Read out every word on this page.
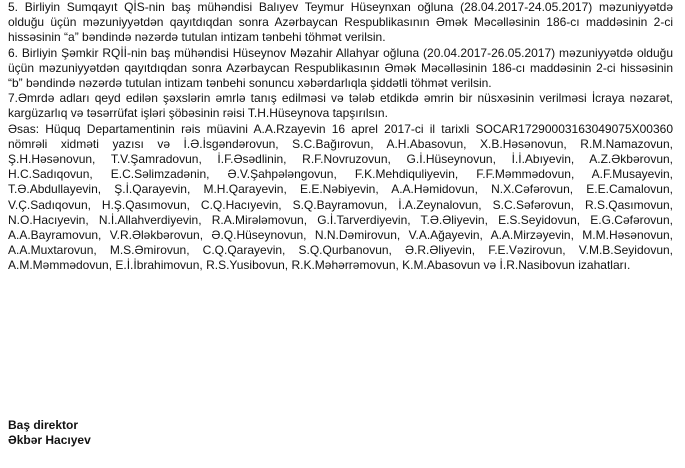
5. Birliyin Sumqayıt QİS-nin baş mühəndisi Balıyev Teymur Hüseynxan oğluna (28.04.2017-24.05.2017) məzuniyyətdə olduğu üçün məzuniyyətdən qayıtdıqdan sonra Azərbaycan Respublikasının Əmək Məcəlləsinin 186-cı maddəsinin 2-ci hissəsinin “a” bəndində nəzərdə tutulan intizam tənbehi töhmət verilsin.

6. Birliyin Şəmkir RQİİ-nin baş mühəndisi Hüseynov Məzahir Allahyar oğluna (20.04.2017-26.05.2017) məzuniyyətdə olduğu üçün məzuniyyətdən qayıtdıqdan sonra Azərbaycan Respublikasının Əmək Məcəlləsinin 186-cı maddəsinin 2-ci hissəsinin “b” bəndində nəzərdə tutulan intizam tənbehi sonuncu xəbərdarlıqla şiddətli töhmət verilsin.

7.Əmrdə adları qeyd edilən şəxslərin əmrlə tanış edilməsi və tələb etdikdə əmrin bir nüsxəsinin verilməsi İcraya nəzarət, kargüzarlıq və təsərrüfat işləri şöbəsinin rəisi T.H.Hüseynova tapşırılsın.

Əsas: Hüquq Departamentinin rəis müavini A.A.Rzayevin 16 aprel 2017-ci il tarixli SOCAR17290003163049075X00360 nömrəli xidməti yazısı və İ.Ə.İsgəndərovun, S.C.Bağırovun, A.H.Abasovun, X.B.Həsənovun, R.M.Namazovun, Ş.H.Həsənovun, T.V.Şamradovun, İ.F.Əsədlinin, R.F.Novruzovun, G.İ.Hüseynovun, İ.İ.Abıyevin, A.Z.Əkbərovun, H.C.Sadıqovun, E.C.Səlimzadənin, Ə.V.Şahpələngovun, F.K.Mehdiquliyevin, F.F.Məmmədovun, A.F.Musayevin, T.Ə.Abdullayevin, Ş.İ.Qarayevin, M.H.Qarayevin, E.E.Nəbiyevin, A.A.Həmidovun, N.X.Cəfərovun, E.E.Camalovun, V.Ç.Sadıqovun, H.Ş.Qasımovun, C.Q.Hacıyevin, S.Q.Bayramovun, İ.A.Zeynalovun, S.C.Səfərovun, R.S.Qasımovun, N.O.Hacıyevin, N.İ.Allahverdiyevin, R.A.Mirələmovun, G.İ.Tarverdiyevin, T.Ə.Əliyevin, E.S.Seyidovun, E.G.Cəfərovun, A.A.Bayramovun, V.R.Ələkbərovun, Ə.Q.Hüseynovun, N.N.Dəmirovun, V.A.Ağayevin, A.A.Mirzəyevin, M.M.Həsənovun, A.A.Muxtarovun, M.S.Əmirovun, C.Q.Qarayevin, S.Q.Qurbanovun, Ə.R.Əliyevin, F.E.Vəzirovun, V.M.B.Seyidovun, A.M.Məmmədovun, E.İ.İbrahimovun, R.S.Yusibovun, R.K.Məhərrəmovun, K.M.Abasovun və İ.R.Nasibovun izahatları.

Baş direktor
Əkbər Hacıyev
